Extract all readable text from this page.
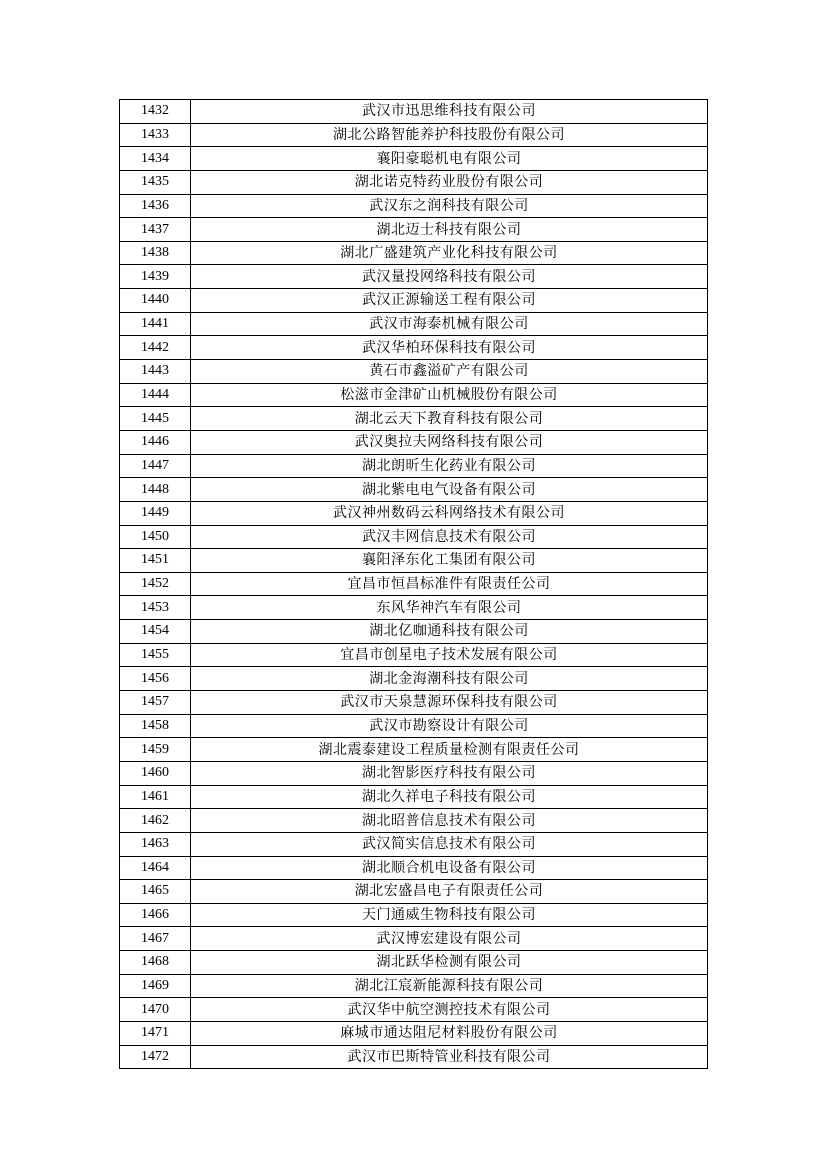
1432	武汉市迅思维科技有限公司
1433	湖北公路智能养护科技股份有限公司
1434	襄阳豪聪机电有限公司
1435	湖北诺克特药业股份有限公司
1436	武汉东之润科技有限公司
1437	湖北迈士科技有限公司
1438	湖北广盛建筑产业化科技有限公司
1439	武汉量投网络科技有限公司
1440	武汉正源输送工程有限公司
1441	武汉市海泰机械有限公司
1442	武汉华柏环保科技有限公司
1443	黄石市鑫溢矿产有限公司
1444	松滋市金津矿山机械股份有限公司
1445	湖北云天下教育科技有限公司
1446	武汉奥拉夫网络科技有限公司
1447	湖北朗昕生化药业有限公司
1448	湖北紫电电气设备有限公司
1449	武汉神州数码云科网络技术有限公司
1450	武汉丰网信息技术有限公司
1451	襄阳泽东化工集团有限公司
1452	宜昌市恒昌标准件有限责任公司
1453	东风华神汽车有限公司
1454	湖北亿咖通科技有限公司
1455	宜昌市创星电子技术发展有限公司
1456	湖北金海潮科技有限公司
1457	武汉市天泉慧源环保科技有限公司
1458	武汉市勘察设计有限公司
1459	湖北震泰建设工程质量检测有限责任公司
1460	湖北智影医疗科技有限公司
1461	湖北久祥电子科技有限公司
1462	湖北昭普信息技术有限公司
1463	武汉简实信息技术有限公司
1464	湖北顺合机电设备有限公司
1465	湖北宏盛昌电子有限责任公司
1466	天门通威生物科技有限公司
1467	武汉博宏建设有限公司
1468	湖北跃华检测有限公司
1469	湖北江宸新能源科技有限公司
1470	武汉华中航空测控技术有限公司
1471	麻城市通达阻尼材料股份有限公司
1472	武汉市巴斯特管业科技有限公司
